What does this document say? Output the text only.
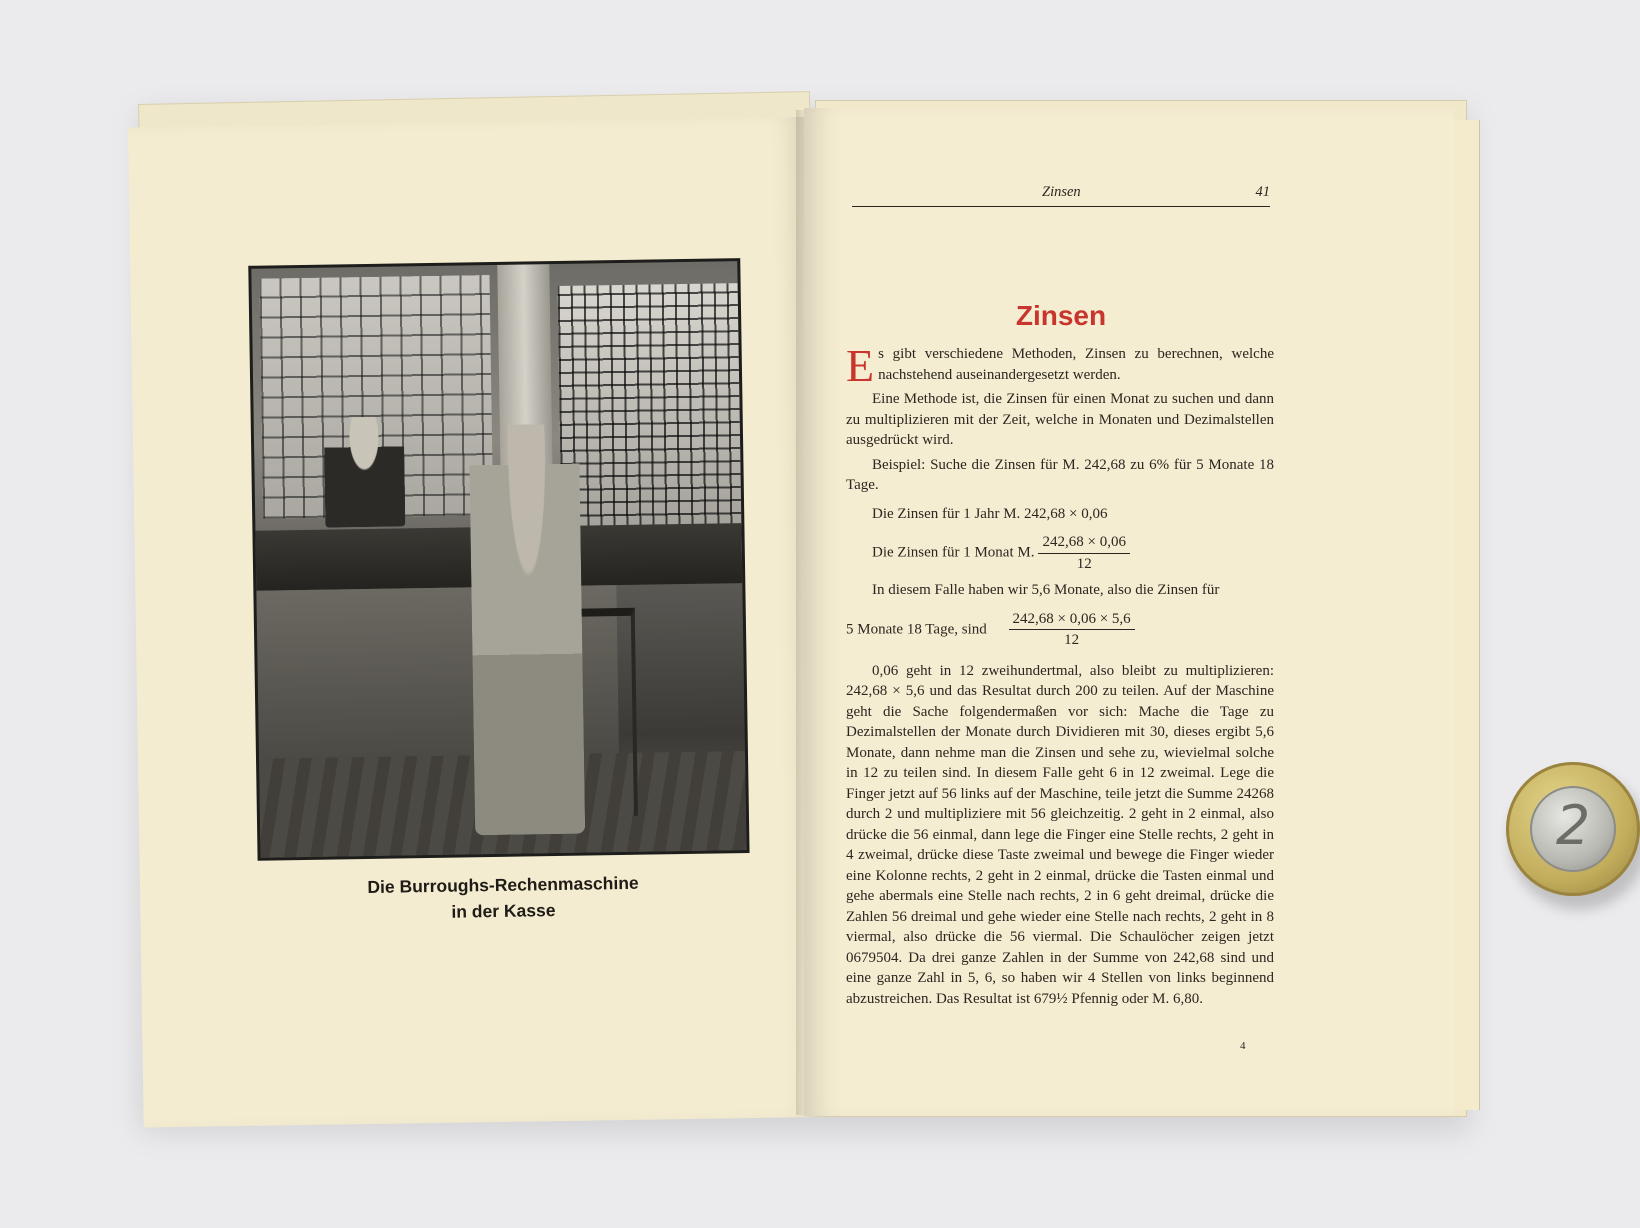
Die Burroughs-Rechenmaschine
in der Kasse
Zinsen	41
Zinsen

Es gibt verschiedene Methoden, Zinsen zu berechnen, welche nachstehend auseinandergesetzt werden.

Eine Methode ist, die Zinsen für einen Monat zu suchen und dann zu multiplizieren mit der Zeit, welche in Monaten und Dezimalstellen ausgedrückt wird.

Beispiel: Suche die Zinsen für M. 242,68 zu 6% für 5 Monate 18 Tage.

Die Zinsen für 1 Jahr M. 242,68 × 0,06
Die Zinsen für 1 Monat M. $\frac{242,68 \times 0,06}{12}$

In diesem Falle haben wir 5,6 Monate, also die Zinsen für

5 Monate 18 Tage, sind $\frac{242,68 \times 0,06 \times 5,6}{12}$

0,06 geht in 12 zweihundertmal, also bleibt zu multiplizieren: 242,68 × 5,6 und das Resultat durch 200 zu teilen. Auf der Maschine geht die Sache folgendermaßen vor sich: Mache die Tage zu Dezimalstellen der Monate durch Dividieren mit 30, dieses ergibt 5,6 Monate, dann nehme man die Zinsen und sehe zu, wievielmal solche in 12 zu teilen sind. In diesem Falle geht 6 in 12 zweimal. Lege die Finger jetzt auf 56 links auf der Maschine, teile jetzt die Summe 24268 durch 2 und multipliziere mit 56 gleichzeitig. 2 geht in 2 einmal, also drücke die 56 einmal, dann lege die Finger eine Stelle rechts, 2 geht in 4 zweimal, drücke diese Taste zweimal und bewege die Finger wieder eine Kolonne rechts, 2 geht in 2 einmal, drücke die Tasten einmal und gehe abermals eine Stelle nach rechts, 2 in 6 geht dreimal, drücke die Zahlen 56 dreimal und gehe wieder eine Stelle nach rechts, 2 geht in 8 viermal, also drücke die 56 viermal. Die Schaulöcher zeigen jetzt 0679504. Da drei ganze Zahlen in der Summe von 242,68 sind und eine ganze Zahl in 5, 6, so haben wir 4 Stellen von links beginnend abzustreichen. Das Resultat ist 679½ Pfennig oder M. 6,80.

4
2
